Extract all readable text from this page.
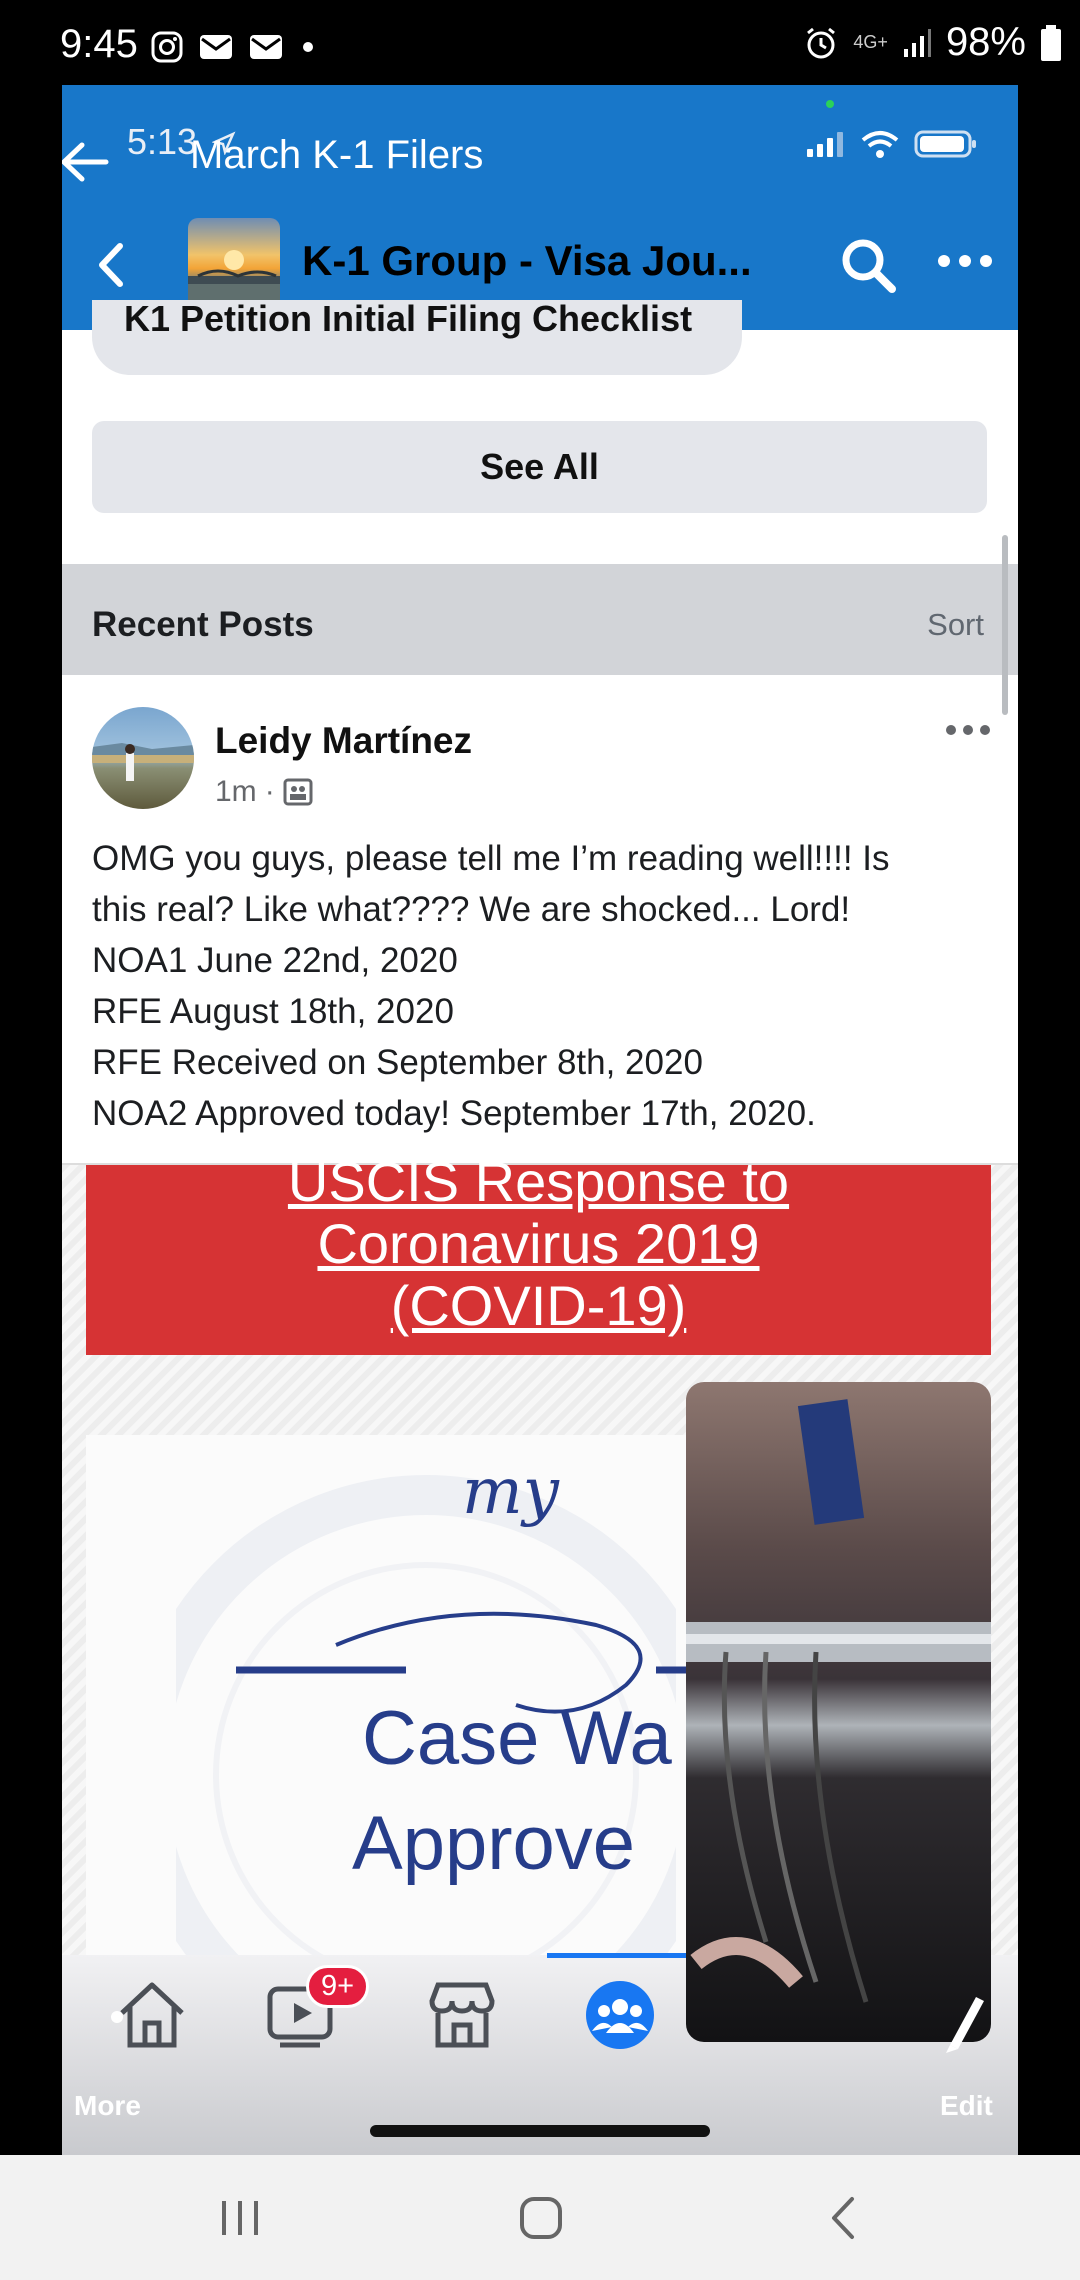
9:45	4G+ 98%
5:13
March K-1 Filers
K-1 Group - Visa Jou...
K1 Petition Initial Filing Checklist
See All
Recent Posts	Sort
Leidy Martínez
1m ·
OMG you guys, please tell me I’m reading well!!!! Is
this real? Like what???? We are shocked... Lord!
NOA1 June 22nd, 2020
RFE August 18th, 2020
RFE Received on September 8th, 2020
NOA2 Approved today! September 17th, 2020.
USCIS Response to
Coronavirus 2019
(COVID-19)
my
Case Wa
Approve
9+
More	Edit
